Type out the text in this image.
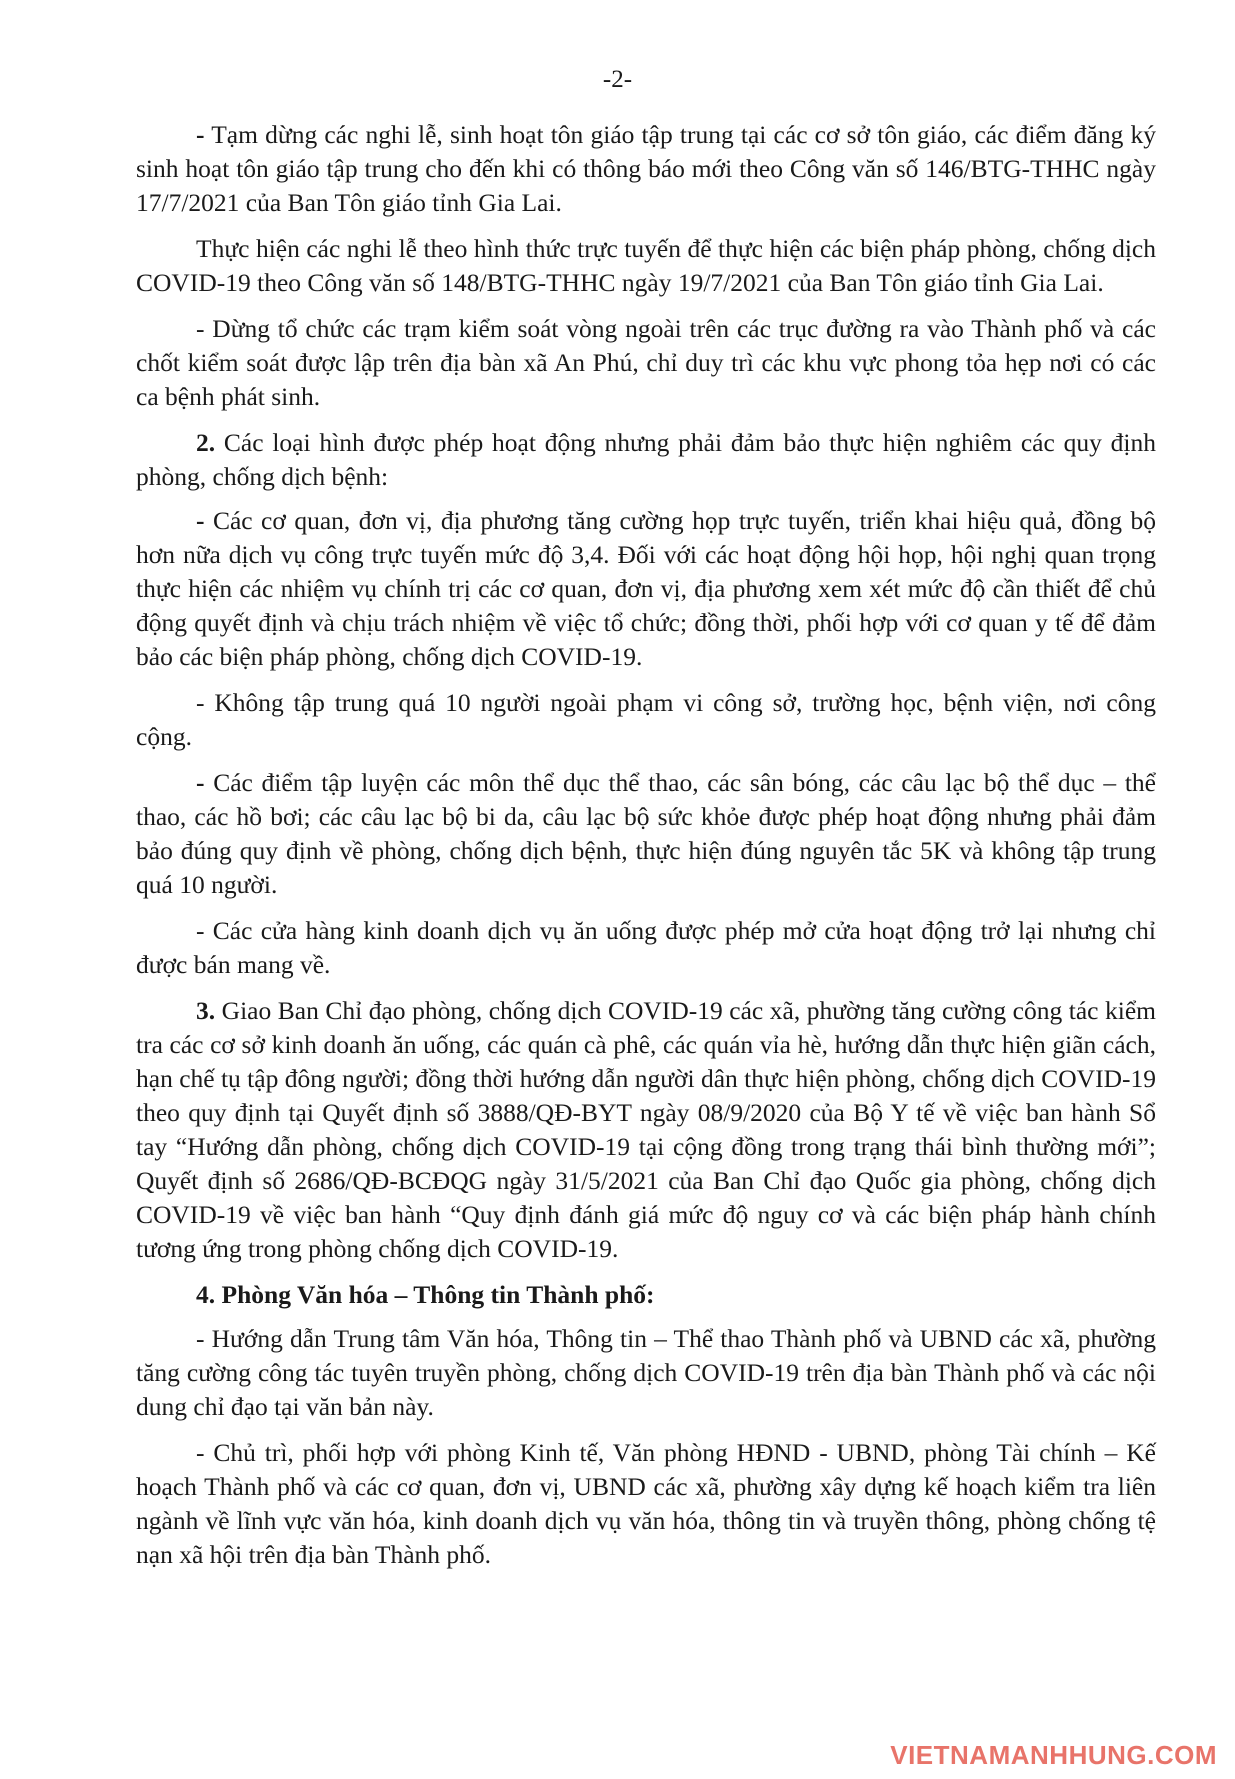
-2-

- Tạm dừng các nghi lễ, sinh hoạt tôn giáo tập trung tại các cơ sở tôn giáo, các điểm đăng ký sinh hoạt tôn giáo tập trung cho đến khi có thông báo mới theo Công văn số 146/BTG-THHC ngày 17/7/2021 của Ban Tôn giáo tỉnh Gia Lai.

Thực hiện các nghi lễ theo hình thức trực tuyến để thực hiện các biện pháp phòng, chống dịch COVID-19 theo Công văn số 148/BTG-THHC ngày 19/7/2021 của Ban Tôn giáo tỉnh Gia Lai.

- Dừng tổ chức các trạm kiểm soát vòng ngoài trên các trục đường ra vào Thành phố và các chốt kiểm soát được lập trên địa bàn xã An Phú, chỉ duy trì các khu vực phong tỏa hẹp nơi có các ca bệnh phát sinh.

2. Các loại hình được phép hoạt động nhưng phải đảm bảo thực hiện nghiêm các quy định phòng, chống dịch bệnh:

- Các cơ quan, đơn vị, địa phương tăng cường họp trực tuyến, triển khai hiệu quả, đồng bộ hơn nữa dịch vụ công trực tuyến mức độ 3,4. Đối với các hoạt động hội họp, hội nghị quan trọng thực hiện các nhiệm vụ chính trị các cơ quan, đơn vị, địa phương xem xét mức độ cần thiết để chủ động quyết định và chịu trách nhiệm về việc tổ chức; đồng thời, phối hợp với cơ quan y tế để đảm bảo các biện pháp phòng, chống dịch COVID-19.

- Không tập trung quá 10 người ngoài phạm vi công sở, trường học, bệnh viện, nơi công cộng.

- Các điểm tập luyện các môn thể dục thể thao, các sân bóng, các câu lạc bộ thể dục – thể thao, các hồ bơi; các câu lạc bộ bi da, câu lạc bộ sức khỏe được phép hoạt động nhưng phải đảm bảo đúng quy định về phòng, chống dịch bệnh, thực hiện đúng nguyên tắc 5K và không tập trung quá 10 người.

- Các cửa hàng kinh doanh dịch vụ ăn uống được phép mở cửa hoạt động trở lại nhưng chỉ được bán mang về.

3. Giao Ban Chỉ đạo phòng, chống dịch COVID-19 các xã, phường tăng cường công tác kiểm tra các cơ sở kinh doanh ăn uống, các quán cà phê, các quán vỉa hè, hướng dẫn thực hiện giãn cách, hạn chế tụ tập đông người; đồng thời hướng dẫn người dân thực hiện phòng, chống dịch COVID-19 theo quy định tại Quyết định số 3888/QĐ-BYT ngày 08/9/2020 của Bộ Y tế về việc ban hành Sổ tay “Hướng dẫn phòng, chống dịch COVID-19 tại cộng đồng trong trạng thái bình thường mới”; Quyết định số 2686/QĐ-BCĐQG ngày 31/5/2021 của Ban Chỉ đạo Quốc gia phòng, chống dịch COVID-19 về việc ban hành “Quy định đánh giá mức độ nguy cơ và các biện pháp hành chính tương ứng trong phòng chống dịch COVID-19.

4. Phòng Văn hóa – Thông tin Thành phố:

- Hướng dẫn Trung tâm Văn hóa, Thông tin – Thể thao Thành phố và UBND các xã, phường tăng cường công tác tuyên truyền phòng, chống dịch COVID-19 trên địa bàn Thành phố và các nội dung chỉ đạo tại văn bản này.

- Chủ trì, phối hợp với phòng Kinh tế, Văn phòng HĐND - UBND, phòng Tài chính – Kế hoạch Thành phố và các cơ quan, đơn vị, UBND các xã, phường xây dựng kế hoạch kiểm tra liên ngành về lĩnh vực văn hóa, kinh doanh dịch vụ văn hóa, thông tin và truyền thông, phòng chống tệ nạn xã hội trên địa bàn Thành phố.

VIETNAMANHHUNG.COM
